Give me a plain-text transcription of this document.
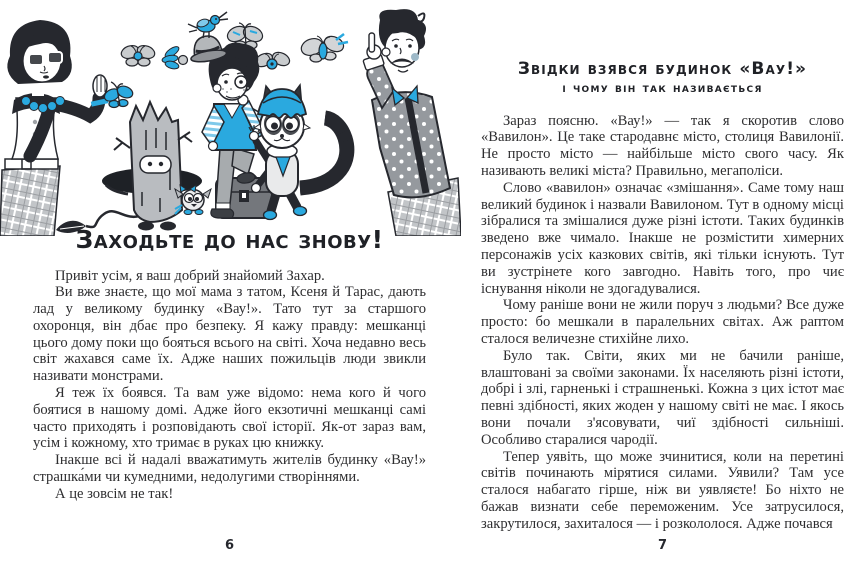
Заходьте до нас знову!

Привіт усім, я ваш добрий знайомий Захар.

Ви вже знаєте, що мої мама з татом, Ксеня й Тарас, дають лад у великому будинку «Вау!». Тато тут за старшого охоронця, він дбає про безпеку. Я кажу правду: мешканці цього дому поки що бояться всього на світі. Хоча недавно весь світ жахався саме їх. Адже наших пожильців люди звикли називати монстрами.

Я теж їх боявся. Та вам уже відомо: нема кого й чого боятися в нашому домі. Адже його екзотичні мешканці самі часто приходять і розповідають свої історії. Як-от зараз вам, усім і кожному, хто тримає в руках цю книжку.

Інакше всі й надалі вважатимуть жителів будинку «Вау!» страшка́ми чи кумедними, недолугими створіннями.

А це зовсім не так!

6
Звідки взявся будинок «Вау!»
і чому він так називається

Зараз поясню. «Вау!» — так я скоротив слово «Вавилон». Це таке стародавнє місто, столиця Вавилонії. Не просто місто — найбільше місто свого часу. Як називають великі міста? Правильно, мегаполіси.

Слово «вавилон» означає «змішання». Саме тому наш великий будинок і назвали Вавилоном. Тут в одному місці зібралися та змішалися дуже різні істоти. Таких будинків зведено вже чимало. Інакше не розмістити химерних персонажів усіх казкових світів, які тільки існують. Тут ви зустрінете кого завгодно. Навіть того, про чиє існування ніколи не здогадувалися.

Чому раніше вони не жили поруч з людьми? Все дуже просто: бо мешкали в паралельних світах. Аж раптом сталося величезне стихійне лихо.

Було так. Світи, яких ми не бачили раніше, влаштовані за своїми законами. Їх населяють різні істоти, добрі і злі, гарненькі і страшненькі. Кожна з цих істот має певні здібності, яких жоден у нашому світі не має. І якось вони почали з'ясовувати, чиї здібності сильніші. Особливо старалися чародії.

Тепер уявіть, що може зчинитися, коли на перетині світів починають мірятися силами. Уявили? Там усе сталося набагато гірше, ніж ви уявляєте! Бо ніхто не бажав визнати себе переможеним. Усе затрусилося, закрутилося, захиталося — і розкололося. Адже почався

7
